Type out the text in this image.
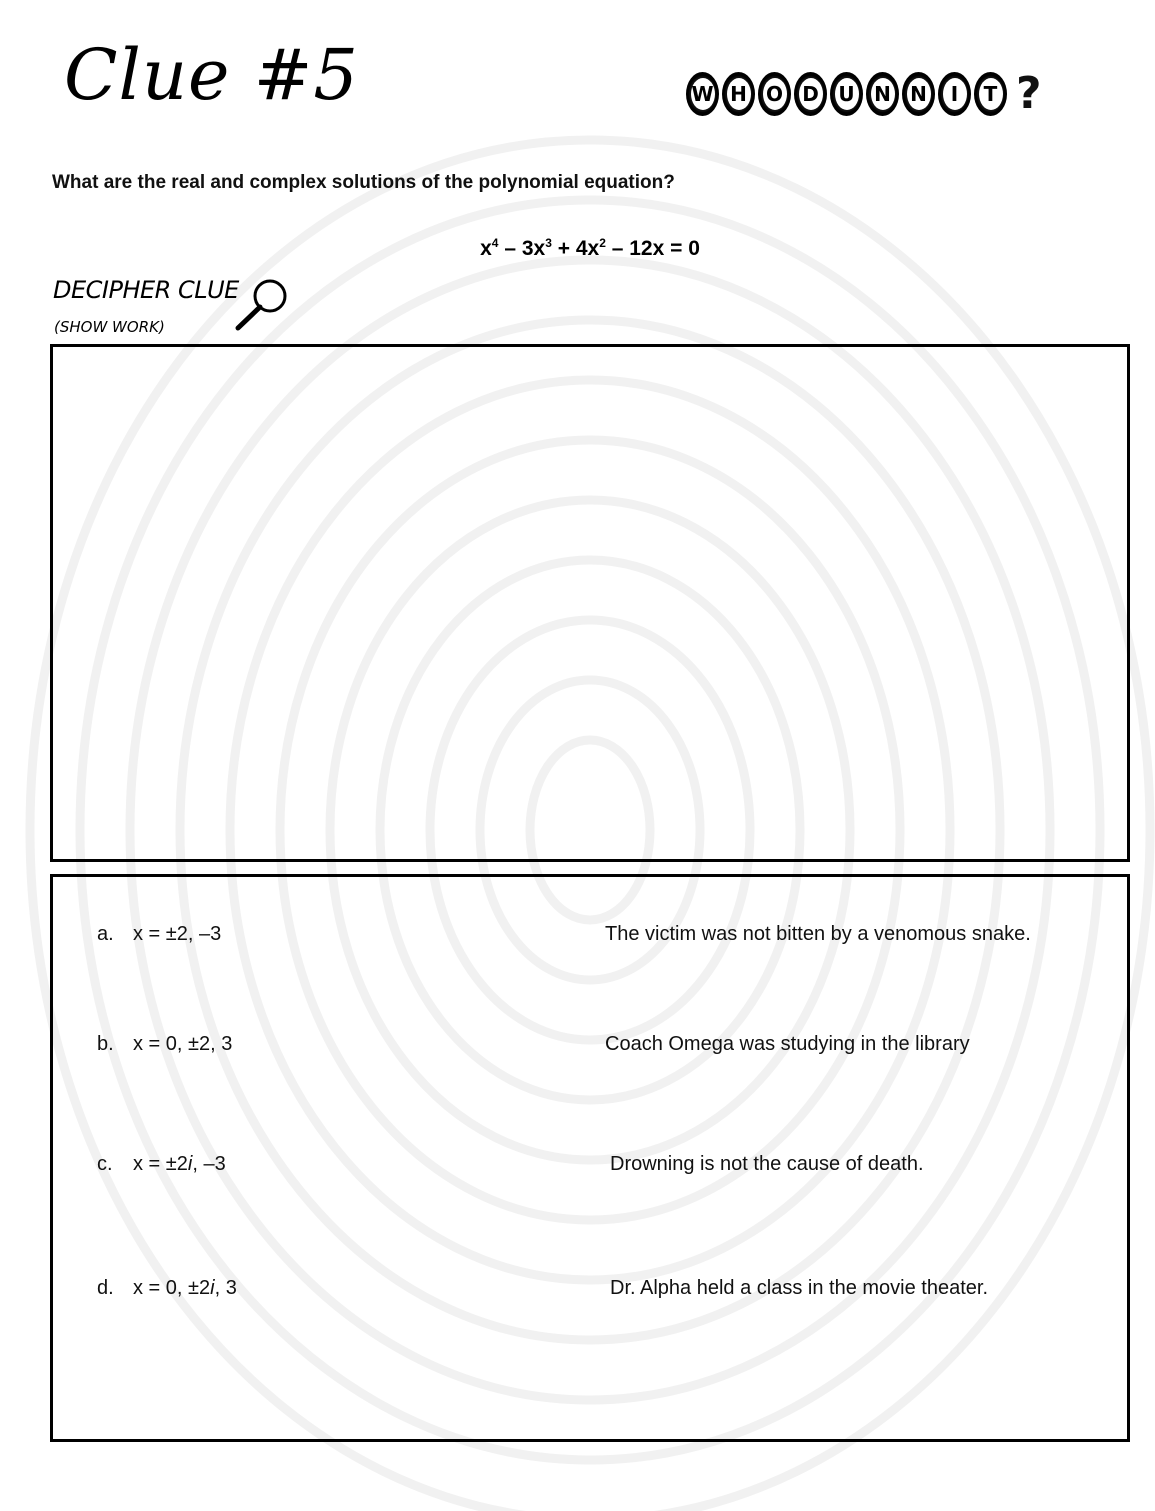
Clue #5	W H O D U N N	I	T ?
What are the real and complex solutions of the polynomial equation?
$x^4 - 3x^3 + 4x^2 - 12x = 0$
DECIPHER CLUE
(SHOW WORK)
a. x = ±2, –3	The victim was not bitten by a venomous snake.
b. x = 0, ±2, 3	Coach Omega was studying in the library
c. x = ±2i, –3	Drowning is not the cause of death.
d. x = 0, ±2i, 3	Dr. Alpha held a class in the movie theater.
